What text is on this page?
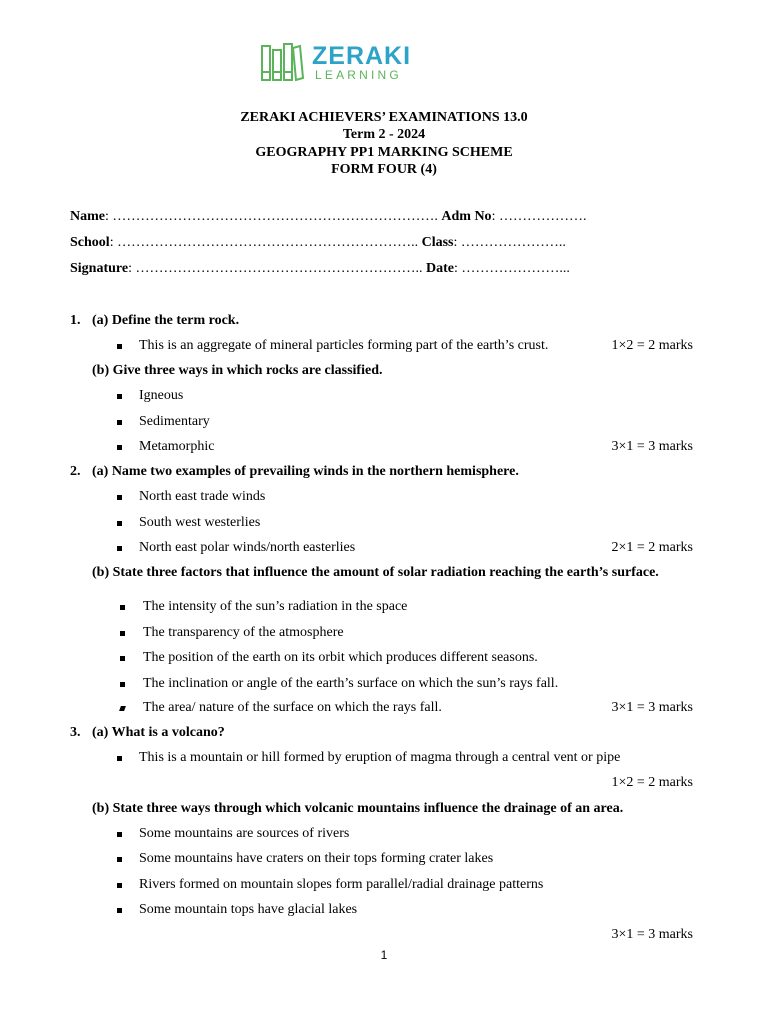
ZERAKI
LEARNING
ZERAKI ACHIEVERS’ EXAMINATIONS 13.0
Term 2 - 2024
GEOGRAPHY PP1 MARKING SCHEME
FORM FOUR (4)
Name: ……………………………………………………………. Adm No: ……………….
School: ……………………………………………………….. Class: …………………..
Signature: …………………………………………………….. Date: …………………...
1. (a) Define the term rock.
This is an aggregate of mineral particles forming part of the earth’s crust.	1×2 = 2 marks
(b) Give three ways in which rocks are classified.
Igneous
Sedimentary
Metamorphic	3×1 = 3 marks
2. (a) Name two examples of prevailing winds in the northern hemisphere.
North east trade winds
South west westerlies
North east polar winds/north easterlies	2×1 = 2 marks
(b) State three factors that influence the amount of solar radiation reaching the earth’s surface.
The intensity of the sun’s radiation in the space
The transparency of the atmosphere
The position of the earth on its orbit which produces different seasons.
The inclination or angle of the earth’s surface on which the sun’s rays fall.
The area/ nature of the surface on which the rays fall.	3×1 = 3 marks
3. (a) What is a volcano?
This is a mountain or hill formed by eruption of magma through a central vent or pipe
1×2 = 2 marks
(b) State three ways through which volcanic mountains influence the drainage of an area.
Some mountains are sources of rivers
Some mountains have craters on their tops forming crater lakes
Rivers formed on mountain slopes form parallel/radial drainage patterns
Some mountain tops have glacial lakes
3×1 = 3 marks
1
